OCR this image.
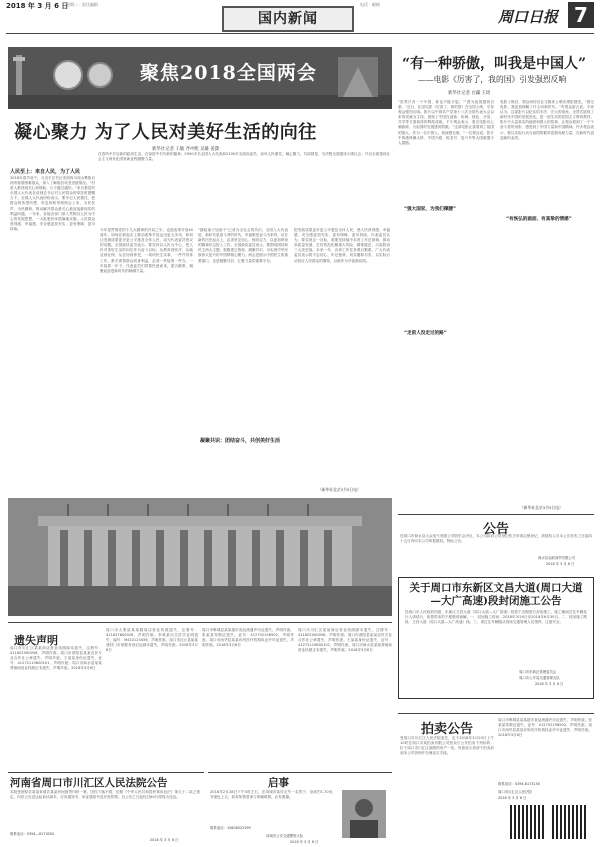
2018 年 3 月 6 日
星期二 · 责任编辑
国内新闻
电话 · 邮箱
周口日报 7
聚焦2018全国两会
凝心聚力 为了人民对美好生活的向往
新华社记者 王敏 齐中熙 吴雄 姜潇
在春风中开启新的政治生活，在奋进中书写新的篇章。2900多名全国人大代表和2100多名政协委员，肩负人民重托，凝心聚力，共商国是，为决胜全面建成小康社会、开启全面建设社会主义现代化国家新征程凝聚力量。
人民至上：来自人民，为了人民
2018年春节前夕，习近平总书记来到四川凉山彝族自治州看望困难群众，深入了解脱贫攻坚进展情况。“村里人都得到关心和帮助，日子越过越好。”来自基层的全国人大代表在谈到总书记对人民群众的牵挂时感慨万千。全国人大代表纷纷表示，要牢记人民重托，把群众的所思所想、所急所盼带到两会上来，为民发声、为民履职，推动解决群众最关心最直接最现实的利益问题。一年来，各地各部门深入贯彻以人民为中心的发展思想，一大批惠民举措落地实施，人民群众获得感、幸福感、安全感更加充实、更有保障、更可持续。	今年是贯彻党的十九大精神的开局之年，也是改革开放40周年。如何在新起点上推动改革开放迈出更大步伐，如何让发展成果更多更公平惠及全体人民，成为代表委员热议的话题。全国政协委员表示，要坚持以人民为中心，把人民对美好生活的向往作为奋斗目标。从教育到医疗，从就业到社保，从住房到养老，一项项民生实事，一件件具体工作，都关系着群众切身利益，必须一件接着一件办，一年接着一年干。代表委员们带着民意而来，建言献策，凝聚起奋进新时代的磅礴力量。
凝聚共识：团结奋斗，共创美好生活
“撸起袖子加油干”已成为全社会的共识。全国人大代表说，新时代是奋斗者的时代，幸福都是奋斗出来的。站在新的历史起点上，必须坚定信心、保持定力，以更加昂扬的精神状态投入工作。全国政协委员表示，要围绕团结和民主两大主题，积极建言资政、凝聚共识，为实现中华民族伟大复兴的中国梦凝心聚力。两会是展示中国民主的重要窗口，也是凝聚共识、汇聚力量的重要平台。
把发展成果更多更公平惠及全体人民，使人民获得感、幸福感、安全感更加充实、更有保障、更可持续。代表委员认为，要实现这一目标，需要坚持稳中求进工作总基调，推动高质量发展，打好防范化解重大风险、精准脱贫、污染防治三大攻坚战。未来一年，各项工作任务艰巨繁重，广大代表委员表示将不忘初心、牢记使命，切实履职尽责，以实际行动回应人民群众的期待，以新作为开创新局面。
（新华社北京3月5日电）
“有一种骄傲，叫我是中国人”
——电影《厉害了，我的国》引发强烈反响
新华社记者 白瀛 王琦
“世界只有一个中国，谁也不能分裂。”“我为祖国感到自豪。”近日，纪录电影《厉害了，我的国》在全国上映，引发观众强烈反响。影片以中国共产党第十八次全国代表大会以来的成就为主线，展现了中国在创新、协调、绿色、开放、共享等方面取得的辉煌成就。不少观众表示，看完电影后心潮澎湃，为祖国的发展感到骄傲。“这部电影让我看到了祖国的强大，作为一名中国人，我深感自豪。”一位观众说。影片中的港珠澳大桥、中国天眼、蛟龙号、复兴号等大国重器令人震撼。
“强大国家，为我们撑腰”
“走前人没走过的路”
电影上映后，观众纷纷在社交媒体上晒出观影感受。“看完电影，我更加理解了什么叫新时代。”有观众留言说。专家认为，这部影片以纪实的手法、宏大的视角，全景式展现了新时代中国的发展变化，是一部生动的爱国主义教育教材。影片中大量真实的画面和感人的故事，让观众看到了一个个奋斗者的身影，感受到了中国力量和中国精神。许多观众表示，要以实际行动为祖国的繁荣富强贡献力量，在新时代创造新的业绩。
“有恢弘的画面、有真挚的情感”
（新华社北京3月5日电）
公告
经周口市商水县大众电气有限公司股东会决议，本公司拟向公司登记机关申请注销登记，请债权人自本公告发布之日起四十五日内向本公司申报债权。特此公告。
商水县众联商贸有限公司
2018 年 3 月 6 日
关于周口市东新区文昌大道(周口大道—大广高速)段封闭施工公告
经周口市人民政府同意，东新区文昌大道（周口大道—大广高速）段将于近期进行封闭施工，施工期间过往车辆及行人请绕行，给您带来的不便敬请谅解。一、封闭施工时间：2018年3月6日至2018年6月30日。二、封闭施工路段：文昌大道（周口大道—大广高速）段。三、请过往车辆服从现场交通管理人员指挥，注意安全。
周口市东新区管理委员会
周口市公安局交通管理支队
2018 年 3 月 6 日
拍卖公告
受周口市川汇区人民法院委托，定于2018年3月20日上午10时在周口市某拍卖有限公司拍卖厅公开拍卖下列标的：位于周口市川汇区某路的房产一处。有意竞买者请于拍卖前到本公司咨询并办理竞买手续。
周口市郸城县某某超市食品流通许可证遗失，声明作废。张某某驾驶证遗失，证号：412702198502，声明作废。周口市西华县某某诊所医疗机构执业许可证遗失，声明作废。2018年3月6日
联系电话：0394-8173150
周口市川汇区人民法院
2018 年 3 月 6 日
遗失声明
周口市川汇区某某商店营业执照副本遗失，注册号：411602000058，声明作废。周口市淮阳县某某农民专业合作社公章遗失，声明作废。王某某身份证遗失，证号：41272119800101，声明作废。周口市商水县某某养殖场营业执照正本遗失，声明作废。2018年3月6日
周口市太康县某某服装店营业执照遗失，注册号：411627600028，声明作废。李某某出生医学证明遗失，编号：M410123456，声明作废。周口市沈丘县某某建材门市部税务登记证副本遗失，声明作废。2018年3月6日
周口市郸城县某某超市食品流通许可证遗失，声明作废。张某某驾驶证遗失，证号：412702198502，声明作废。周口市西华县某某诊所医疗机构执业许可证遗失，声明作废。2018年3月6日
周口市川汇区某某商店营业执照副本遗失，注册号：411602000058，声明作废。周口市淮阳县某某农民专业合作社公章遗失，声明作废。王某某身份证遗失，证号：41272119800101，声明作废。周口市商水县某某养殖场营业执照正本遗失，声明作废。2018年3月6日
河南省周口市川汇区人民法院公告
本院受理原告某某诉被告某某民间借贷纠纷一案，因你下落不明，依照《中华人民共和国民事诉讼法》第九十二条之规定，向你公告送达起诉状副本、应诉通知书、举证通知书及开庭传票。自公告之日起经过60日即视为送达。
联系电话：0394—8173050
2018 年 3 月 6 日
启事
2018年2月28日下午5时左右，在项城市某村走失一名男子，身高约1.70米，穿深色上衣，如有知情者请与家属联系，必有重谢。
联系电话：15606523199
项城市公安交通警察大队
2018 年 3 月 6 日
